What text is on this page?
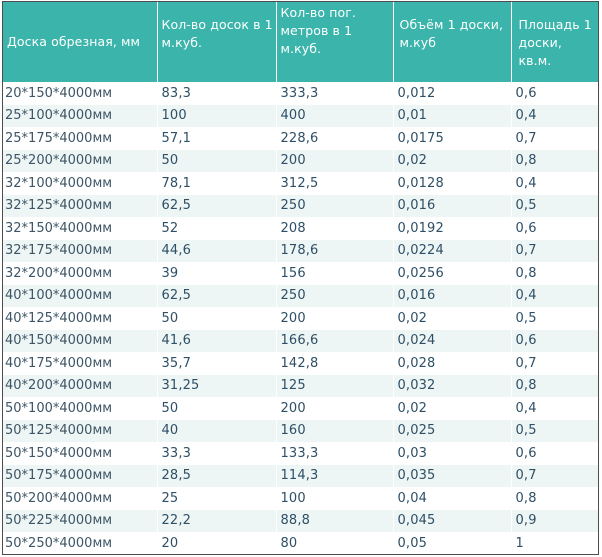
Доска обрезная, мм	Кол-во досок в 1 м.куб.	Кол-во пог. метров в 1 м.куб.	Объём 1 доски, м.куб	Площадь 1 доски, кв.м.
20*150*4000мм	83,3	333,3	0,012	0,6
25*100*4000мм	100	400	0,01	0,4
25*175*4000мм	57,1	228,6	0,0175	0,7
25*200*4000мм	50	200	0,02	0,8
32*100*4000мм	78,1	312,5	0,0128	0,4
32*125*4000мм	62,5	250	0,016	0,5
32*150*4000мм	52	208	0,0192	0,6
32*175*4000мм	44,6	178,6	0,0224	0,7
32*200*4000мм	39	156	0,0256	0,8
40*100*4000мм	62,5	250	0,016	0,4
40*125*4000мм	50	200	0,02	0,5
40*150*4000мм	41,6	166,6	0,024	0,6
40*175*4000мм	35,7	142,8	0,028	0,7
40*200*4000мм	31,25	125	0,032	0,8
50*100*4000мм	50	200	0,02	0,4
50*125*4000мм	40	160	0,025	0,5
50*150*4000мм	33,3	133,3	0,03	0,6
50*175*4000мм	28,5	114,3	0,035	0,7
50*200*4000мм	25	100	0,04	0,8
50*225*4000мм	22,2	88,8	0,045	0,9
50*250*4000мм	20	80	0,05	1
